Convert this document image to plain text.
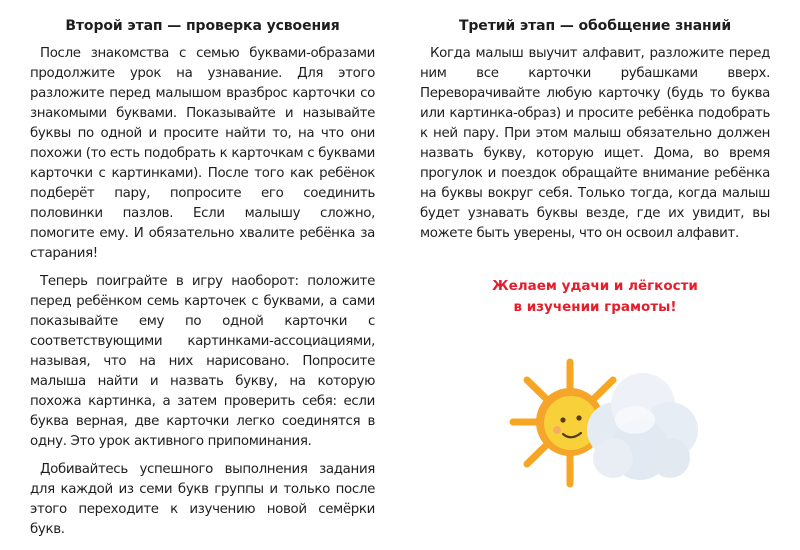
Второй этап — проверка усвоения

После знакомства с семью буквами-образами продолжите урок на узнавание. Для этого разложите перед малышом вразброс карточки со знакомыми буквами. Показывайте и называйте буквы по одной и просите найти то, на что они похожи (то есть подобрать к карточкам с буквами карточки с картинками). После того как ребёнок подберёт пару, попросите его соединить половинки пазлов. Если малышу сложно, помогите ему. И обязательно хвалите ребёнка за старания!

Теперь поиграйте в игру наоборот: положите перед ребёнком семь карточек с буквами, а сами показывайте ему по одной карточки с соответствующими картинками-ассоциациями, называя, что на них нарисовано. Попросите малыша найти и назвать букву, на которую похожа картинка, а затем проверить себя: если буква верная, две карточки легко соединятся в одну. Это урок активного припоминания.

Добивайтесь успешного выполнения задания для каждой из семи букв группы и только после этого переходите к изучению новой семёрки букв.

Третий этап — обобщение знаний

Когда малыш выучит алфавит, разложите перед ним все карточки рубашками вверх. Переворачивайте любую карточку (будь то буква или картинка-образ) и просите ребёнка подобрать к ней пару. При этом малыш обязательно должен назвать букву, которую ищет. Дома, во время прогулок и поездок обращайте внимание ребёнка на буквы вокруг себя. Только тогда, когда малыш будет узнавать буквы везде, где их увидит, вы можете быть уверены, что он освоил алфавит.

Желаем удачи и лёгкости
в изучении грамоты!
